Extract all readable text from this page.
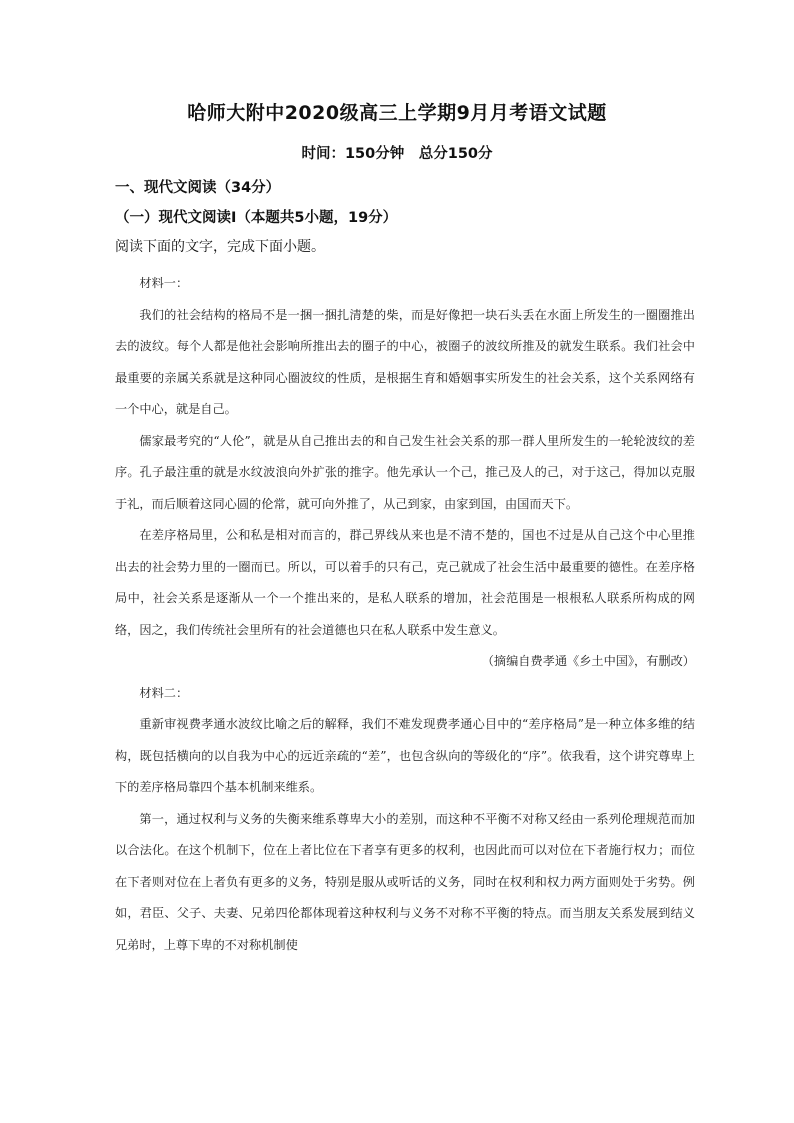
哈师大附中2020级高三上学期9月月考语文试题
时间：150分钟　总分150分
一、现代文阅读（34分）
（一）现代文阅读Ⅰ（本题共5小题，19分）
阅读下面的文字，完成下面小题。

材料一：

我们的社会结构的格局不是一捆一捆扎清楚的柴，而是好像把一块石头丢在水面上所发生的一圈圈推出去的波纹。每个人都是他社会影响所推出去的圈子的中心，被圈子的波纹所推及的就发生联系。我们社会中最重要的亲属关系就是这种同心圈波纹的性质，是根据生育和婚姻事实所发生的社会关系，这个关系网络有一个中心，就是自己。

儒家最考究的“人伦”，就是从自己推出去的和自己发生社会关系的那一群人里所发生的一轮轮波纹的差序。孔子最注重的就是水纹波浪向外扩张的推字。他先承认一个己，推己及人的己，对于这己，得加以克服于礼，而后顺着这同心圆的伦常，就可向外推了，从己到家，由家到国，由国而天下。

在差序格局里，公和私是相对而言的，群己界线从来也是不清不楚的，国也不过是从自己这个中心里推出去的社会势力里的一圈而已。所以，可以着手的只有己，克己就成了社会生活中最重要的德性。在差序格局中，社会关系是逐渐从一个一个推出来的，是私人联系的增加，社会范围是一根根私人联系所构成的网络，因之，我们传统社会里所有的社会道德也只在私人联系中发生意义。

（摘编自费孝通《乡土中国》，有删改）

材料二：

重新审视费孝通水波纹比喻之后的解释，我们不难发现费孝通心目中的“差序格局”是一种立体多维的结构，既包括横向的以自我为中心的远近亲疏的“差”，也包含纵向的等级化的“序”。依我看，这个讲究尊卑上下的差序格局靠四个基本机制来维系。

第一，通过权利与义务的失衡来维系尊卑大小的差别，而这种不平衡不对称又经由一系列伦理规范而加以合法化。在这个机制下，位在上者比位在下者享有更多的权利，也因此而可以对位在下者施行权力；而位在下者则对位在上者负有更多的义务，特别是服从或听话的义务，同时在权利和权力两方面则处于劣势。例如，君臣、父子、夫妻、兄弟四伦都体现着这种权利与义务不对称不平衡的特点。而当朋友关系发展到结义兄弟时，上尊下卑的不对称机制使
